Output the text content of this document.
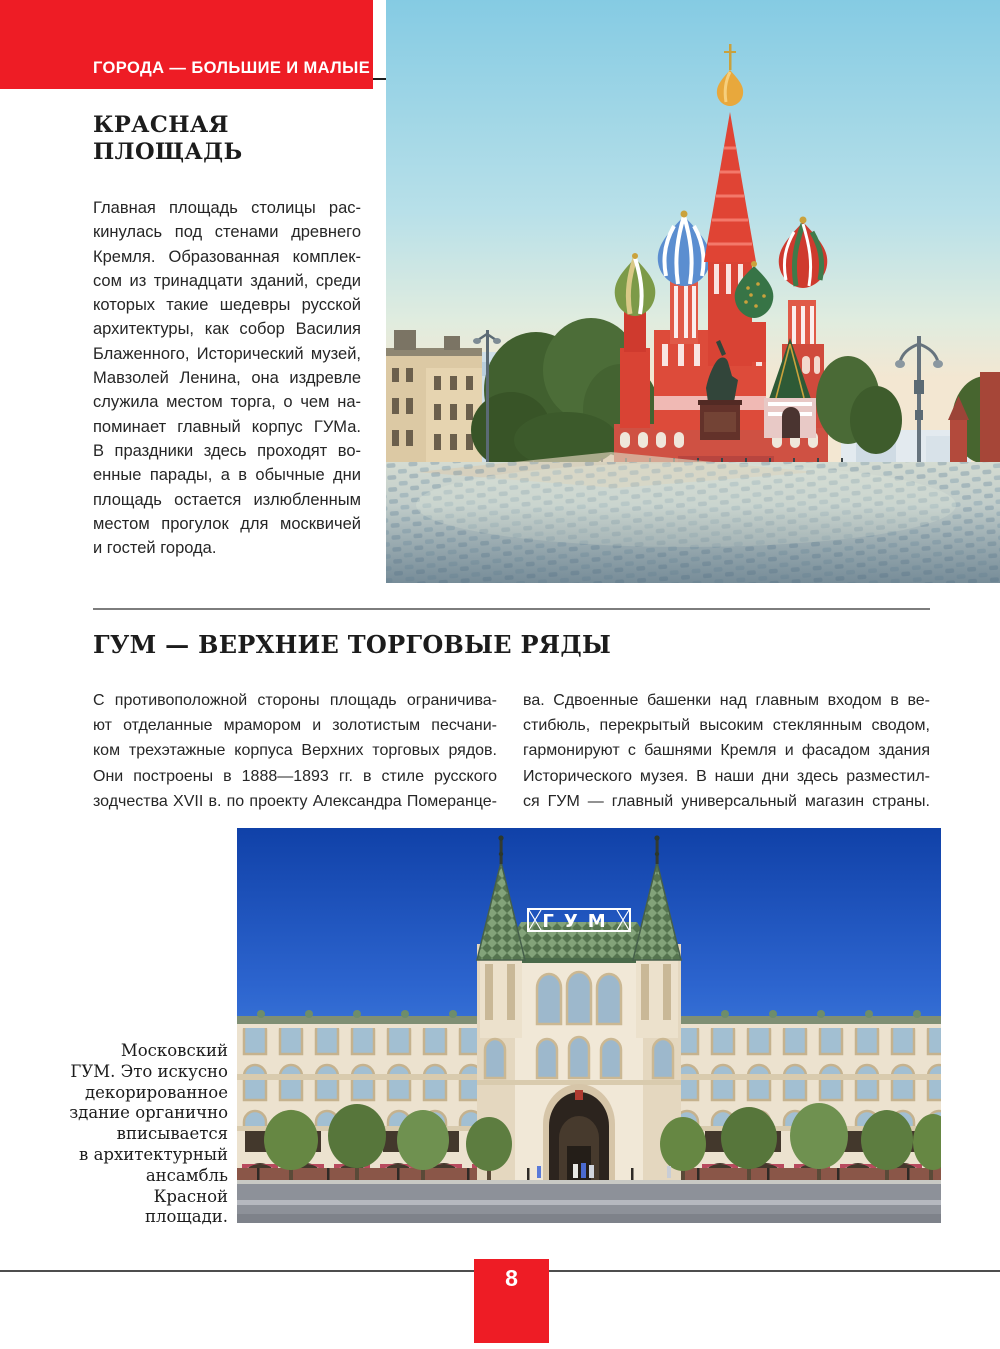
ГОРОДА — БОЛЬШИЕ И МАЛЫЕ
КРАСНАЯ
ПЛОЩАДЬ
Главная площадь столицы рас-
кинулась под стенами древнего
Кремля. Образованная комплек-
сом из тринадцати зданий, среди
которых такие шедевры русской
архитектуры, как собор Василия
Блаженного, Исторический музей,
Мавзолей Ленина, она издревле
служила местом торга, о чем на-
поминает главный корпус ГУМа.
В праздники здесь проходят во-
енные парады, а в обычные дни
площадь остается излюбленным
местом прогулок для москвичей
и гостей города.
ГУМ — ВЕРХНИЕ ТОРГОВЫЕ РЯДЫ
С противоположной стороны площадь ограничива-
ют отделанные мрамором и золотистым песчани-
ком трехэтажные корпуса Верхних торговых рядов.
Они построены в 1888—1893 гг. в стиле русского
зодчества XVII в. по проекту Александра Померанце-
ва. Сдвоенные башенки над главным входом в ве-
стибюль, перекрытый высоким стеклянным сводом,
гармонируют с башнями Кремля и фасадом здания
Исторического музея. В наши дни здесь разместил-
ся ГУМ — главный универсальный магазин страны.
ГУМ
Московский
ГУМ. Это искусно
декорированное
здание органично
вписывается
в архитектурный
ансамбль
Красной
площади.
8
